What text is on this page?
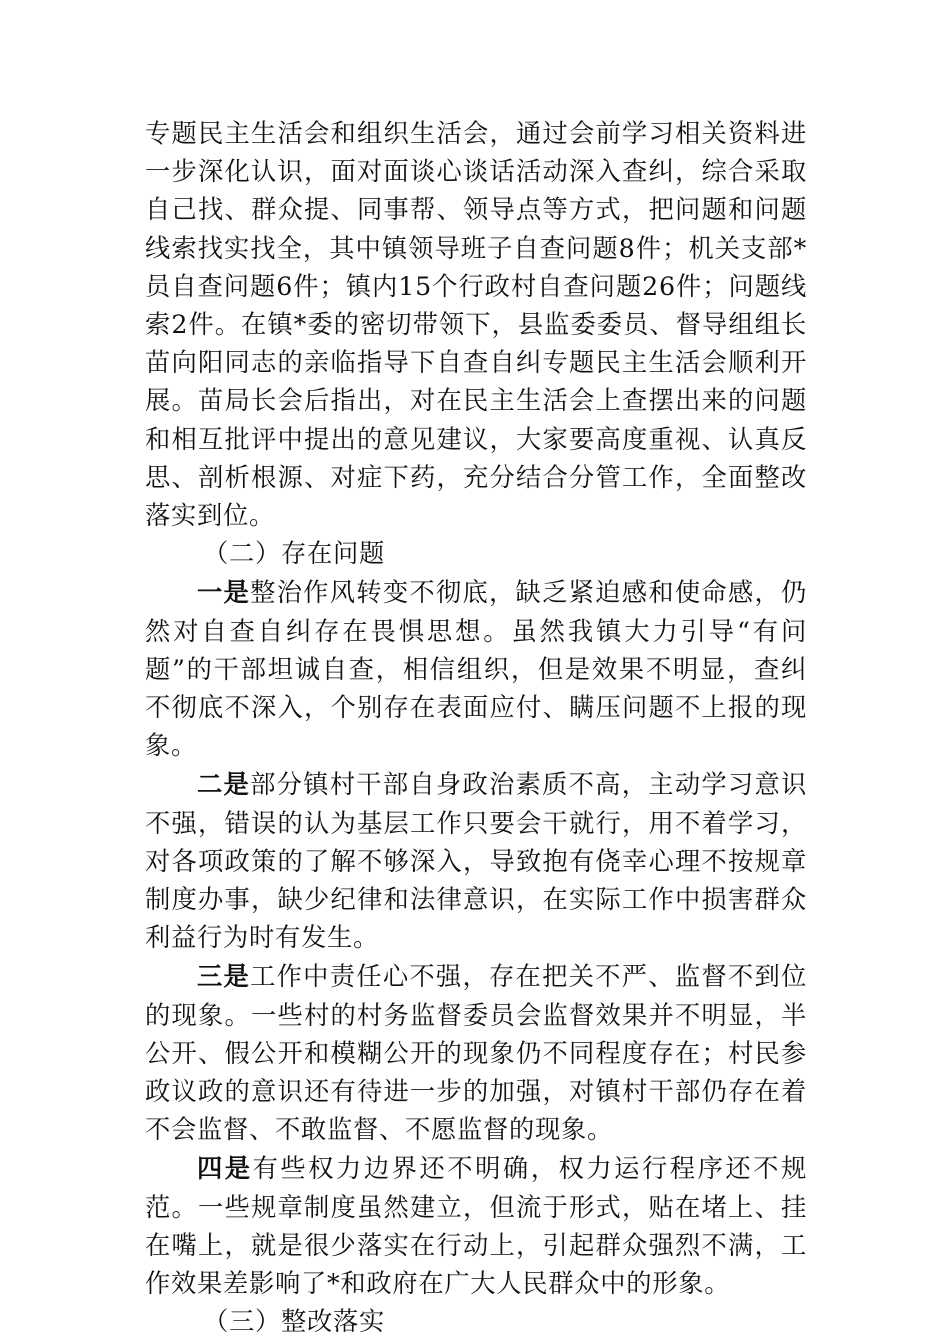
专题民主生活会和组织生活会，通过会前学习相关资料进一步深化认识，面对面谈心谈话活动深入查纠，综合采取自己找、群众提、同事帮、领导点等方式，把问题和问题线索找实找全，其中镇领导班子自查问题8件；机关支部*员自查问题6件；镇内15个行政村自查问题26件；问题线索2件。在镇*委的密切带领下，县监委委员、督导组组长苗向阳同志的亲临指导下自查自纠专题民主生活会顺利开展。苗局长会后指出，对在民主生活会上查摆出来的问题和相互批评中提出的意见建议，大家要高度重视、认真反思、剖析根源、对症下药，充分结合分管工作，全面整改落实到位。

（二）存在问题

一是整治作风转变不彻底，缺乏紧迫感和使命感，仍然对自查自纠存在畏惧思想。虽然我镇大力引导“有问题”的干部坦诚自查，相信组织，但是效果不明显，查纠不彻底不深入，个别存在表面应付、瞒压问题不上报的现象。

二是部分镇村干部自身政治素质不高，主动学习意识不强，错误的认为基层工作只要会干就行，用不着学习，对各项政策的了解不够深入，导致抱有侥幸心理不按规章制度办事，缺少纪律和法律意识，在实际工作中损害群众利益行为时有发生。

三是工作中责任心不强，存在把关不严、监督不到位的现象。一些村的村务监督委员会监督效果并不明显，半公开、假公开和模糊公开的现象仍不同程度存在；村民参政议政的意识还有待进一步的加强，对镇村干部仍存在着不会监督、不敢监督、不愿监督的现象。

四是有些权力边界还不明确，权力运行程序还不规范。一些规章制度虽然建立，但流于形式，贴在堵上、挂在嘴上，就是很少落实在行动上，引起群众强烈不满，工作效果差影响了*和政府在广大人民群众中的形象。

（三）整改落实
